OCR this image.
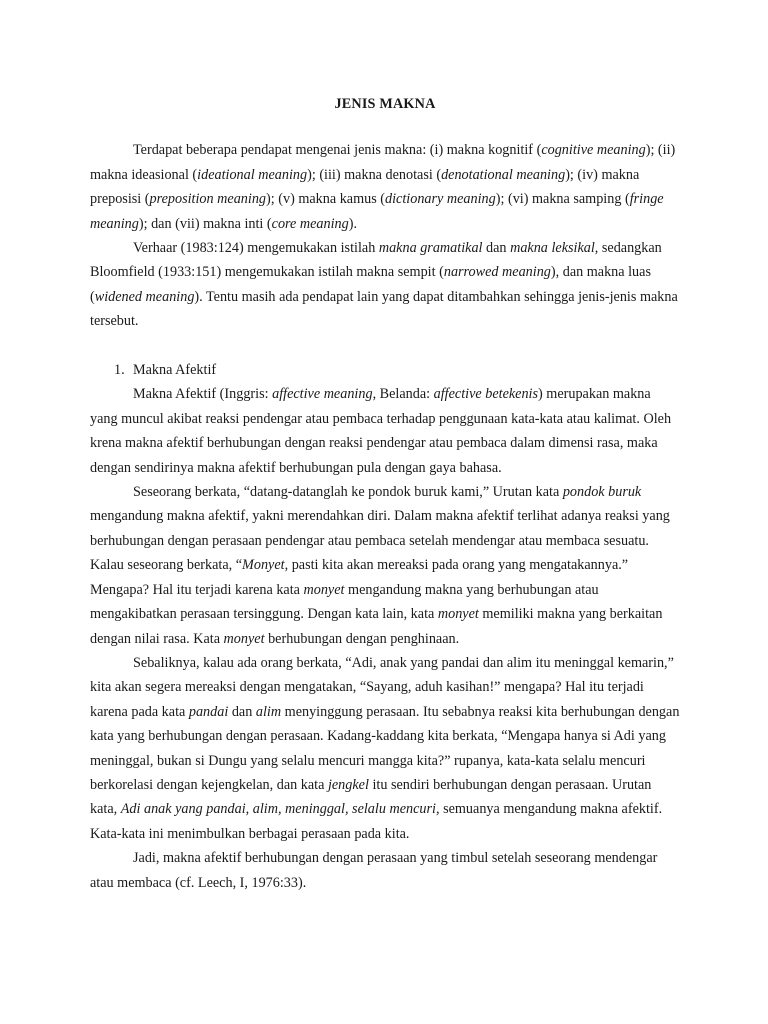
JENIS MAKNA

Terdapat beberapa pendapat mengenai jenis makna: (i) makna kognitif (cognitive meaning); (ii) makna ideasional (ideational meaning); (iii) makna denotasi (denotational meaning); (iv) makna preposisi (preposition meaning); (v) makna kamus (dictionary meaning); (vi) makna samping (fringe meaning); dan (vii) makna inti (core meaning).

Verhaar (1983:124) mengemukakan istilah makna gramatikal dan makna leksikal, sedangkan Bloomfield (1933:151) mengemukakan istilah makna sempit (narrowed meaning), dan makna luas (widened meaning). Tentu masih ada pendapat lain yang dapat ditambahkan sehingga jenis-jenis makna tersebut.

1. Makna Afektif

Makna Afektif (Inggris: affective meaning, Belanda: affective betekenis) merupakan makna yang muncul akibat reaksi pendengar atau pembaca terhadap penggunaan kata-kata atau kalimat. Oleh krena makna afektif berhubungan dengan reaksi pendengar atau pembaca dalam dimensi rasa, maka dengan sendirinya makna afektif berhubungan pula dengan gaya bahasa.

Seseorang berkata, “datang-datanglah ke pondok buruk kami,” Urutan kata pondok buruk mengandung makna afektif, yakni merendahkan diri. Dalam makna afektif terlihat adanya reaksi yang berhubungan dengan perasaan pendengar atau pembaca setelah mendengar atau membaca sesuatu. Kalau seseorang berkata, “Monyet, pasti kita akan mereaksi pada orang yang mengatakannya.” Mengapa? Hal itu terjadi karena kata monyet mengandung makna yang berhubungan atau mengakibatkan perasaan tersinggung. Dengan kata lain, kata monyet memiliki makna yang berkaitan dengan nilai rasa. Kata monyet berhubungan dengan penghinaan.

Sebaliknya, kalau ada orang berkata, “Adi, anak yang pandai dan alim itu meninggal kemarin,” kita akan segera mereaksi dengan mengatakan, “Sayang, aduh kasihan!” mengapa? Hal itu terjadi karena pada kata pandai dan alim menyinggung perasaan. Itu sebabnya reaksi kita berhubungan dengan kata yang berhubungan dengan perasaan. Kadang-kaddang kita berkata, “Mengapa hanya si Adi yang meninggal, bukan si Dungu yang selalu mencuri mangga kita?” rupanya, kata-kata selalu mencuri berkorelasi dengan kejengkelan, dan kata jengkel itu sendiri berhubungan dengan perasaan. Urutan kata, Adi anak yang pandai, alim, meninggal, selalu mencuri, semuanya mengandung makna afektif. Kata-kata ini menimbulkan berbagai perasaan pada kita.

Jadi, makna afektif berhubungan dengan perasaan yang timbul setelah seseorang mendengar atau membaca (cf. Leech, I, 1976:33).
